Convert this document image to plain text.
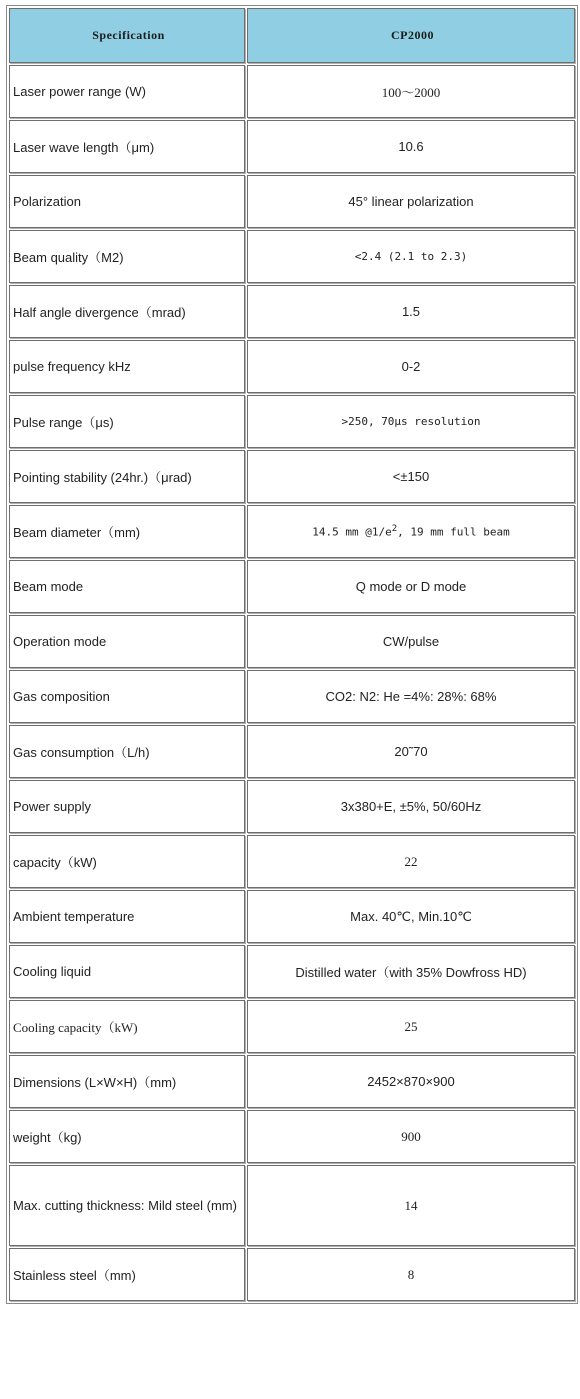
Specification	CP2000
Laser power range (W)	100～2000
Laser wave length（μm)	10.6
Polarization	45° linear polarization
Beam quality（M2)	<2.4 (2.1 to 2.3)
Half angle divergence（mrad)	1.5
pulse frequency kHz	0-2
Pulse range（μs)	>250, 70μs resolution
Pointing stability (24hr.)（μrad)	<±150
Beam diameter（mm)	14.5 mm $@1/e^2$, 19 mm full beam
Beam mode	Q mode or D mode
Operation mode	CW/pulse
Gas composition	CO2: N2: He =4%: 28%: 68%
Gas consumption（L/h)	20˜70
Power supply	3x380+E, ±5%, 50/60Hz
capacity（kW)	22
Ambient temperature	Max. 40℃, Min.10℃
Cooling liquid	Distilled water（with 35% Dowfross HD)
Cooling capacity（kW)	25
Dimensions (L×W×H)（mm)	2452×870×900
weight（kg)	900
Max. cutting thickness: Mild steel (mm)	14
Stainless steel（mm)	8
